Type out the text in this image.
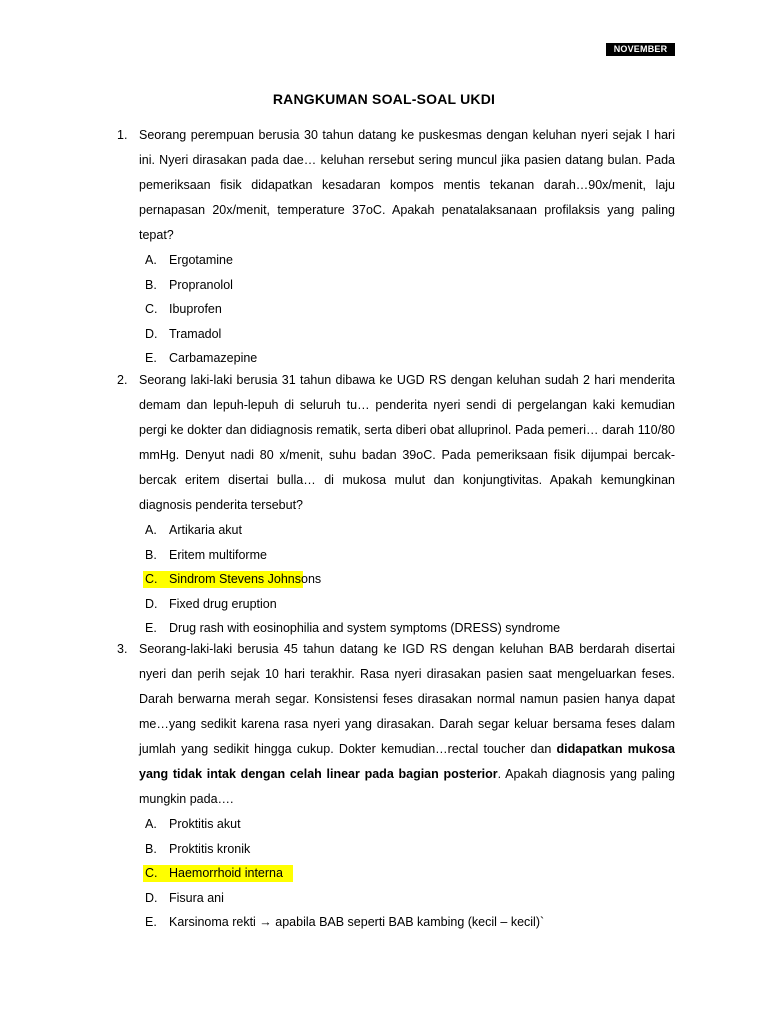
NOVEMBER
RANGKUMAN SOAL-SOAL UKDI
1. Seorang perempuan berusia 30 tahun datang ke puskesmas dengan keluhan nyeri sejak I hari ini. Nyeri dirasakan pada dae… keluhan rersebut sering muncul jika pasien datang bulan. Pada pemeriksaan fisik didapatkan kesadaran kompos mentis tekanan darah…90x/menit, laju pernapasan 20x/menit, temperature 37oC. Apakah penatalaksanaan profilaksis yang paling tepat?
A. Ergotamine
B. Propranolol
C. Ibuprofen
D. Tramadol
E. Carbamazepine
2. Seorang laki-laki berusia 31 tahun dibawa ke UGD RS dengan keluhan sudah 2 hari menderita demam dan lepuh-lepuh di seluruh tu… penderita nyeri sendi di pergelangan kaki kemudian pergi ke dokter dan didiagnosis rematik, serta diberi obat alluprinol. Pada pemeri… darah 110/80 mmHg. Denyut nadi 80 x/menit, suhu badan 39oC. Pada pemeriksaan fisik dijumpai bercak-bercak eritem disertai bulla… di mukosa mulut dan konjungtivitas. Apakah kemungkinan diagnosis penderita tersebut?
A. Artikaria akut
B. Eritem multiforme
C. Sindrom Stevens Johnsons
D. Fixed drug eruption
E. Drug rash with eosinophilia and system symptoms (DRESS) syndrome
3. Seorang-laki-laki berusia 45 tahun datang ke IGD RS dengan keluhan BAB berdarah disertai nyeri dan perih sejak 10 hari terakhir. Rasa nyeri dirasakan pasien saat mengeluarkan feses. Darah berwarna merah segar. Konsistensi feses dirasakan normal namun pasien hanya dapat me…yang sedikit karena rasa nyeri yang dirasakan. Darah segar keluar bersama feses dalam jumlah yang sedikit hingga cukup. Dokter kemudian…rectal toucher dan didapatkan mukosa yang tidak intak dengan celah linear pada bagian posterior. Apakah diagnosis yang paling mungkin pada….
A. Proktitis akut
B. Proktitis kronik
C. Haemorrhoid interna
D. Fisura ani
E. Karsinoma rekti → apabila BAB seperti BAB kambing (kecil – kecil)`
